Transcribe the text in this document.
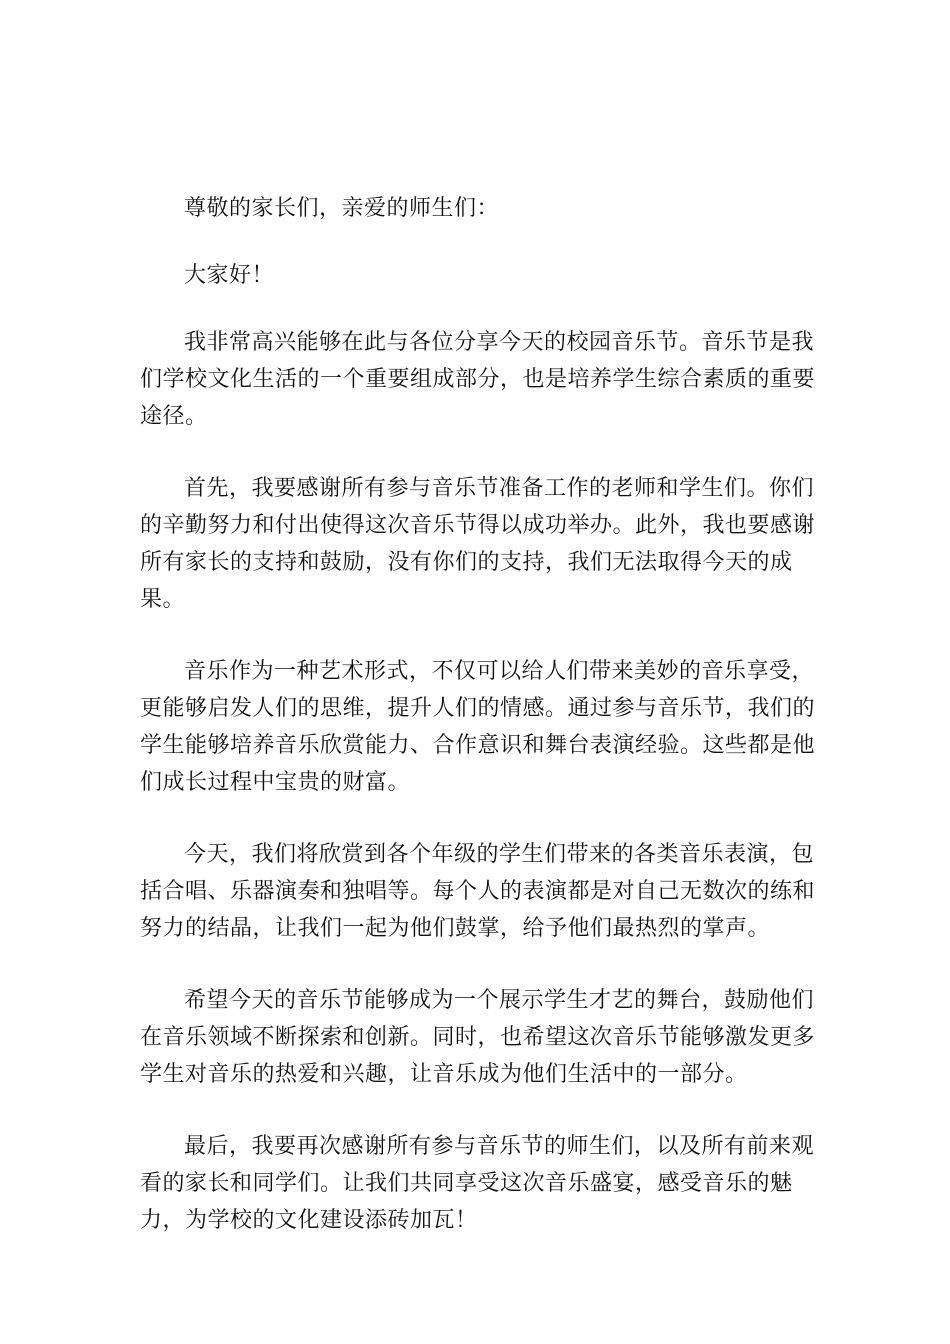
尊敬的家长们，亲爱的师生们：

大家好！

我非常高兴能够在此与各位分享今天的校园音乐节。音乐节是我们学校文化生活的一个重要组成部分，也是培养学生综合素质的重要途径。

首先，我要感谢所有参与音乐节准备工作的老师和学生们。你们的辛勤努力和付出使得这次音乐节得以成功举办。此外，我也要感谢所有家长的支持和鼓励，没有你们的支持，我们无法取得今天的成果。

音乐作为一种艺术形式，不仅可以给人们带来美妙的音乐享受，更能够启发人们的思维，提升人们的情感。通过参与音乐节，我们的学生能够培养音乐欣赏能力、合作意识和舞台表演经验。这些都是他们成长过程中宝贵的财富。

今天，我们将欣赏到各个年级的学生们带来的各类音乐表演，包括合唱、乐器演奏和独唱等。每个人的表演都是对自己无数次的练和努力的结晶，让我们一起为他们鼓掌，给予他们最热烈的掌声。

希望今天的音乐节能够成为一个展示学生才艺的舞台，鼓励他们在音乐领域不断探索和创新。同时，也希望这次音乐节能够激发更多学生对音乐的热爱和兴趣，让音乐成为他们生活中的一部分。

最后，我要再次感谢所有参与音乐节的师生们，以及所有前来观看的家长和同学们。让我们共同享受这次音乐盛宴，感受音乐的魅力，为学校的文化建设添砖加瓦！
